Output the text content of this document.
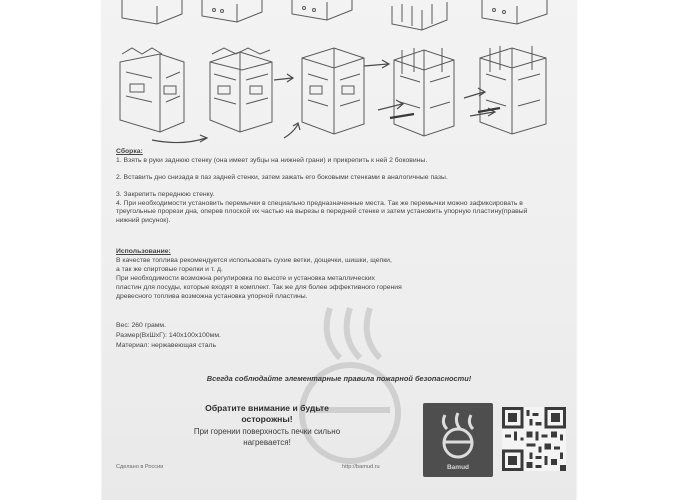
Сборка:
1. Взять в руки заднюю стенку (она имеет зубцы на нижней грани) и прикрепить к ней 2 боковины.
2. Вставить дно снизада в паз задней стенки, затем зажать его боковыми стенками в аналогичные пазы.
3. Закрепить переднюю стенку.
4. При необходимости установить перемычки в специально предназначенные места. Так же перемычки можно зафиксировать в треугольные прорези дна, оперев плоской их частью на вырезы в передней стенке и затем установить упорную пластину(правый нижний рисунок).
Использование:
В качестве топлива рекомендуется использовать сухие ветки, дощечки, шишки, щепки,
а так же спиртовые горелки и т. д.
При необходимости возможна регулировка по высоте и установка металлических
пластин для посуды, которые входят в комплект. Так же для более эффективного горения
древесного топлива возможна установка упорной пластины.
Вес: 260 грамм.
Размер(ВхШхГ): 140х100х100мм.
Материал: нержавеющая сталь
Всегда соблюдайте элементарные правила пожарной безопасности!
Обратите внимание и будьте
осторожны!
При горении поверхность печки сильно
нагревается!
Bamud
Сделано в России	http://bamud.ru
